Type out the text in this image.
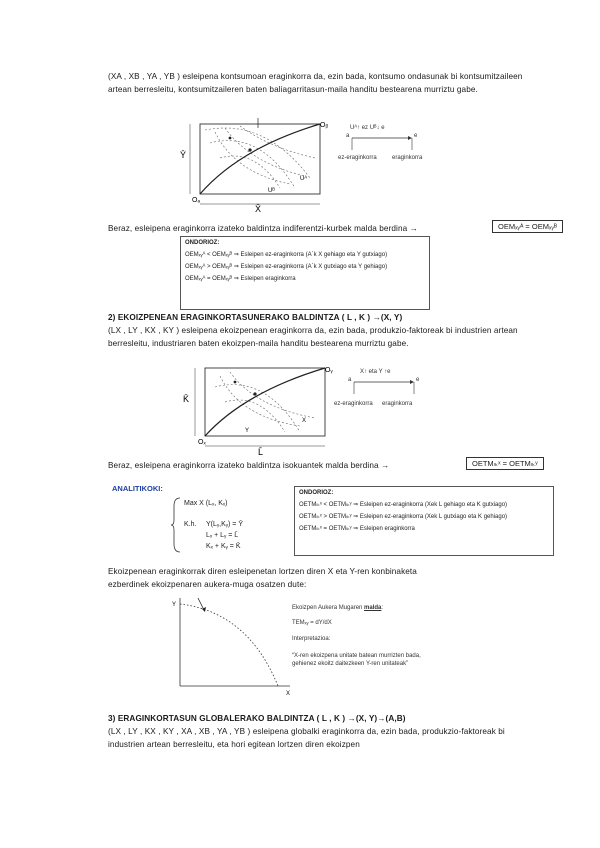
(XA , XB , YA , YB ) esleipena kontsumoan eraginkorra da, ezin bada, kontsumo ondasunak bi kontsumitzaileen artean berresleitu, kontsumitzaileren baten baliagarritasun-maila handitu bestearena murriztu gabe.
Ȳ
Oₐ
Oᵦ
X̄
Uᴬ
Uᴮ
Uᴬ↑ ez Uᴮ↓ e
a	e
ez-eraginkorra	eraginkorra
Beraz, esleipena eraginkorra izateko baldintza indiferentzi-kurbek malda berdina →	OEMₓᵧᴬ = OEMₓᵧᴮ
ONDORIOZ:
OEMₓᵧᴬ < OEMₓᵧᴮ ⇒ Esleipen ez-eraginkorra (A´k X gehiago eta Y gutxiago)
OEMₓᵧᴬ > OEMₓᵧᴮ ⇒ Esleipen ez-eraginkorra (A´k X gutxiago eta Y gehiago)
OEMₓᵧᴬ = OEMₓᵧᴮ ⇒ Esleipen eraginkorra
2) EKOIZPENEAN ERAGINKORTASUNERAKO BALDINTZA ( L , K ) →(X, Y)
(LX , LY , KX , KY ) esleipena ekoizpenean eraginkorra da, ezin bada, produkzio-faktoreak bi industrien artean berresleitu, industriaren baten ekoizpen-maila handitu bestearena murriztu gabe.
K̄
Oₓ
Oᵧ
L̄
X
Y
X↑ eta Y ↑e
a	e
ez-eraginkorra eraginkorra
Beraz, esleipena eraginkorra izateko baldintza isokuantek malda berdina →	OETMₗₖˣ = OETMₗₖʸ
ANALITIKOKI:
Max X (Lₓ, Kₓ)
K.h. Y(Lᵧ,Kᵧ) = Ȳ
Lₓ + Lᵧ = L̄
Kₓ + Kᵧ = K̄
ONDORIOZ:
OETMₗₖˣ < OETMₗₖʸ ⇒ Esleipen ez-eraginkorra (Xek L gehiago eta K gutxiago)
OETMₗₖˣ > OETMₗₖʸ ⇒ Esleipen ez-eraginkorra (Xek L gutxiago eta K gehiago)
OETMₗₖˣ = OETMₗₖʸ ⇒ Esleipen eraginkorra
Ekoizpenean eraginkorrak diren esleipenetan lortzen diren X eta Y-ren konbinaketa ezberdinek ekoizpenaren aukera-muga osatzen dute:
Y
X
Ekoizpen Aukera Mugaren malda:
TEMₓᵧ = dY/dX
Interpretazioa:
“X-ren ekoizpena unitate batean murrizten bada, gehienez ekoitz daitezkeen Y-ren unitateak”
3) ERAGINKORTASUN GLOBALERAKO BALDINTZA ( L , K ) →(X, Y)→(A,B)
(LX , LY , KX , KY , XA , XB , YA , YB ) esleipena globalki eraginkorra da, ezin bada, produkzio-faktoreak bi industrien artean berresleitu, eta hori egitean lortzen diren ekoizpen
